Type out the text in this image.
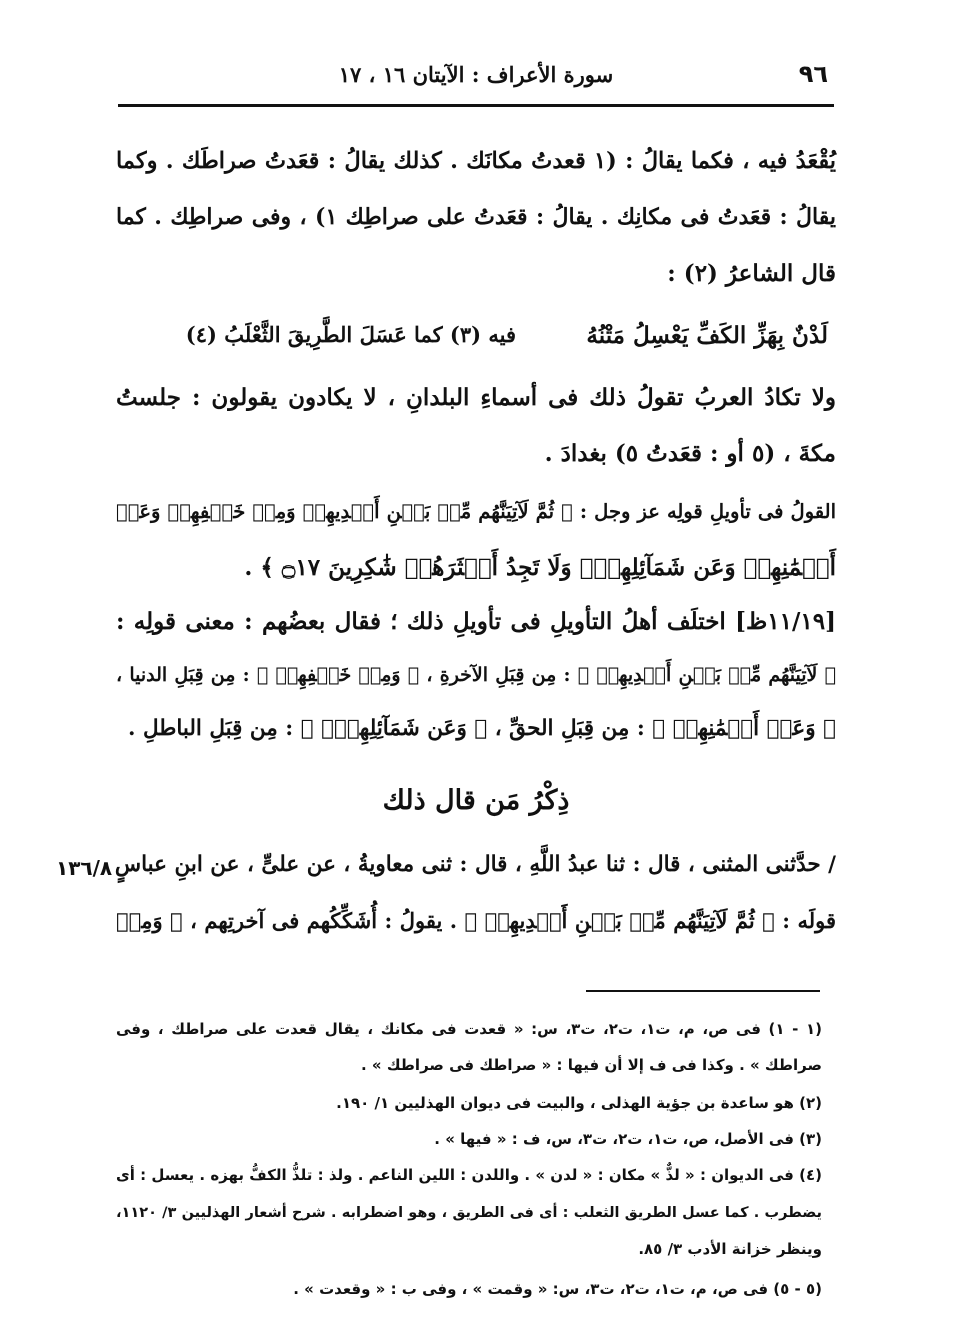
٩٦
سورة الأعراف : الآيتان ١٦ ، ١٧
يُقْعَدُ فيه ، فكما يقالُ : (١ قعدتُ مكانَك . كذلك يقالُ : قعَدتُ صراطَك . وكما
يقالُ : قعَدتُ فى مكانِك . يقالُ : قعَدتُ على صراطِك ١) ، وفى صراطِك . كما
قال الشاعرُ (٢) :
لَدْنٌ بِهَزِّ الكَفِّ يَعْسِلُ مَتْنُهُ
فيه (٣) كما عَسَلَ الطَّرِيقَ الثَّعْلَبُ (٤)
ولا تكادُ العربُ تقولُ ذلك فى أسماءِ البلدانِ ، لا يكادون يقولون : جلستُ
مكةَ ، (٥ أو : قعَدتُ ٥) بغدادَ .
القولُ فى تأويلِ قولِه عز وجل : ﴿ ثُمَّ لَآتِيَنَّهُم مِّنۢ بَيۡنِ أَيۡدِيهِمۡ وَمِنۡ خَلۡفِهِمۡ وَعَنۡ
أَيۡمَٰنِهِمۡ وَعَن شَمَآئِلِهِمۡۖ وَلَا تَجِدُ أَكۡثَرَهُمۡ شَٰكِرِينَ ۝١٧ ﴾ .
[١١/١٩ظ] اختلَف أهلُ التأويلِ فى تأويلِ ذلك ؛ فقال بعضُهم : معنى قولِه :
﴿ لَآتِيَنَّهُم مِّنۢ بَيۡنِ أَيۡدِيهِمۡ ﴾ : مِن قِبَلِ الآخرةِ ، ﴿ وَمِنۡ خَلۡفِهِمۡ ﴾ : مِن قِبَلِ الدنيا ،
﴿ وَعَنۡ أَيۡمَٰنِهِمۡ ﴾ : مِن قِبَلِ الحقِّ ، ﴿ وَعَن شَمَآئِلِهِمۡۖ ﴾ : مِن قِبَلِ الباطلِ .
ذِكْرُ مَن قال ذلك
١٣٦/٨ / حدَّثنى المثنى ، قال : ثنا عبدُ اللَّهِ ، قال : ثنى معاويةُ ، عن علىٍّ ، عن ابنِ عباسٍ
قولَه : ﴿ ثُمَّ لَآتِيَنَّهُم مِّنۢ بَيۡنِ أَيۡدِيهِمۡ ﴾ . يقولُ : أُشَكِّكُهم فى آخرتِهم ، ﴿ وَمِنۡ
(١ - ١) فى ص، م، ت١، ت٢، ت٣، س: « قعدت فى مكانك ، يقال قعدت على صراطك ، وفى
صراطك » . وكذا فى ف إلا أن فيها : « صراطك فى صراطك » .
(٢) هو ساعدة بن جؤية الهذلى ، والبيت فى ديوان الهذليين ١/ ١٩٠.
(٣) فى الأصل، ص، ت١، ت٢، ت٣، س، ف : « فيها » .
(٤) فى الديوان : « لذٌّ » مكان : « لدن » . واللدن : اللين الناعم . ولذ : تلذُّ الكفُّ بهزه . يعسل : أى
يضطرب . كما عسل الطريق الثعلب : أى فى الطريق ، وهو اضطرابه . شرح أشعار الهذليين ٣/ ١١٢٠،
وينظر خزانة الأدب ٣/ ٨٥.
(٥ - ٥) فى ص، م، ت١، ت٢، ت٣، س: « وقمت » ، وفى ب : « وقعدت » .
